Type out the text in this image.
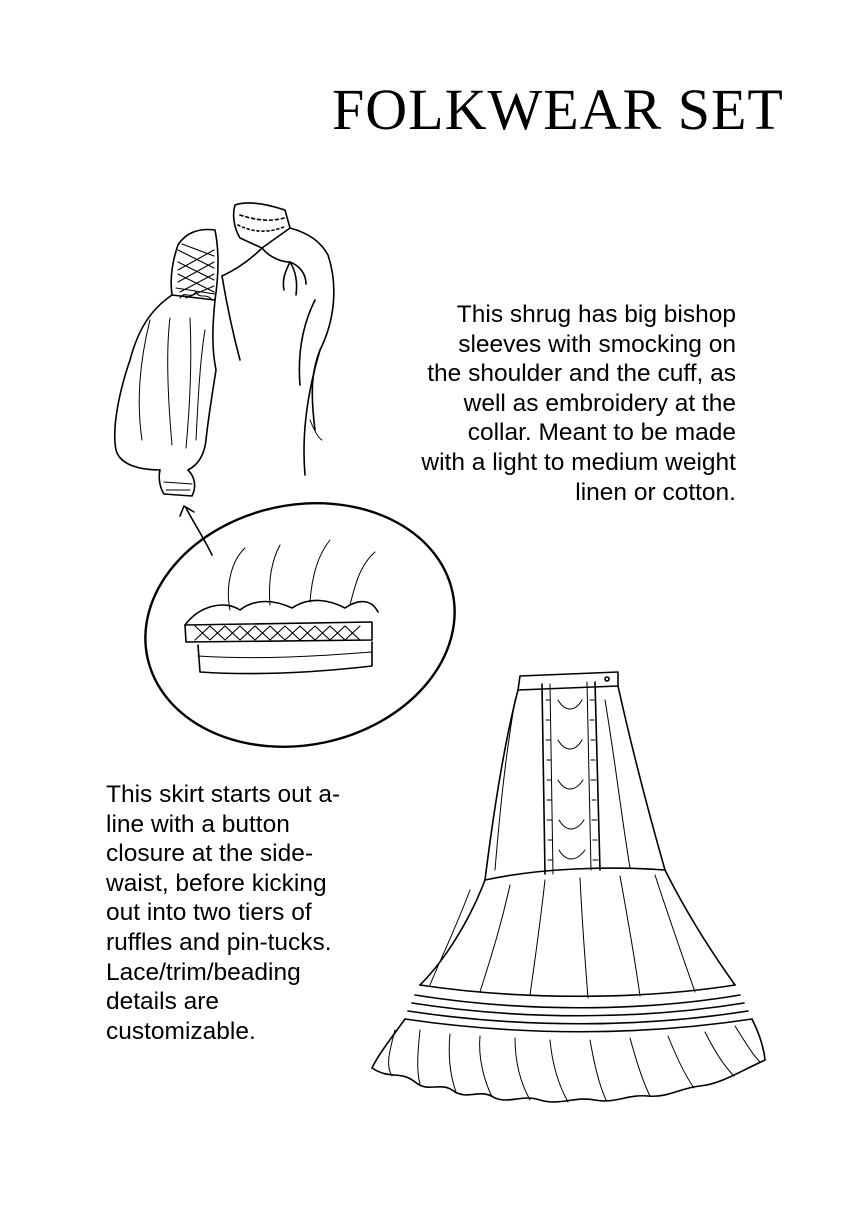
FOLKWEAR SET
This shrug has big bishop
sleeves with smocking on
the shoulder and the cuff, as
well as embroidery at the
collar. Meant to be made
with a light to medium weight
linen or cotton.
This skirt starts out a-
line with a button
closure at the side-
waist, before kicking
out into two tiers of
ruffles and pin-tucks.
Lace/trim/beading
details are
customizable.
